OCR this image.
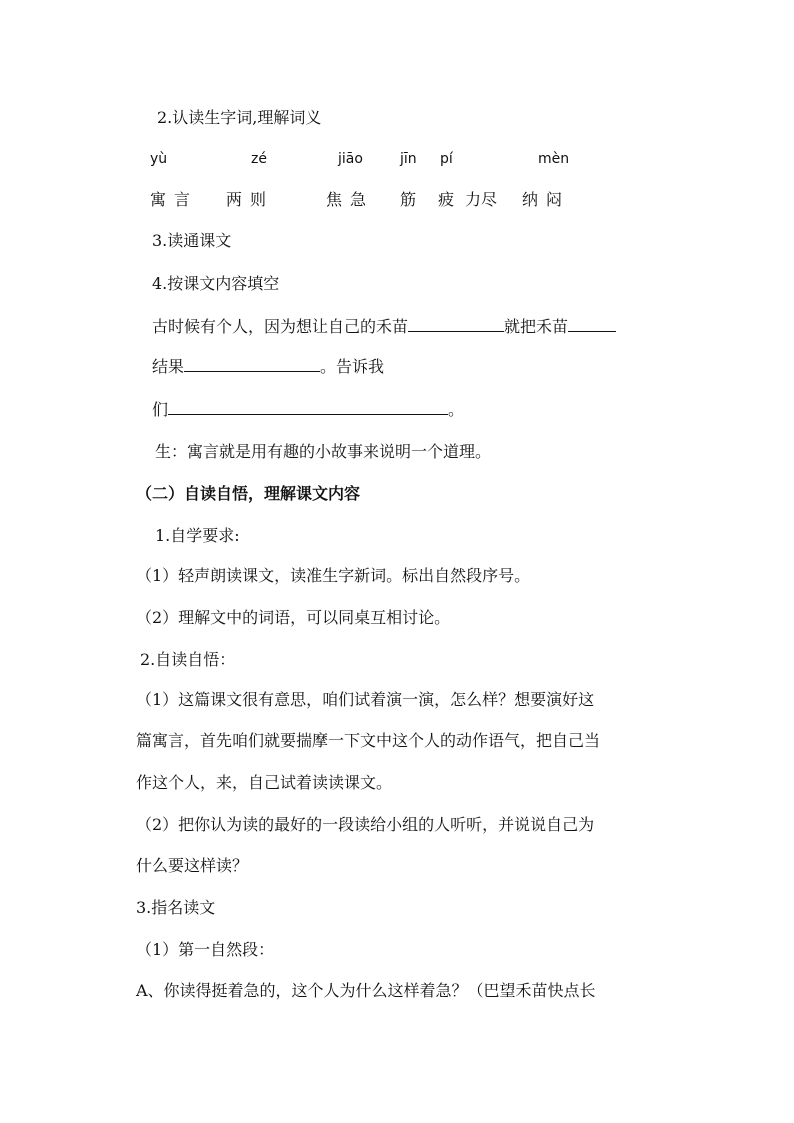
2.认读生字词,理解词义
yù	zé	jiāo	jīn pí	mèn
寓言 两则	焦急 筋 疲 力尽 纳闷
3.读通课文
4.按课文内容填空
古时候有个人，因为想让自己的禾苗	就把禾苗
结果	。告诉我
们	。
生：寓言就是用有趣的小故事来说明一个道理。
（二）自读自悟，理解课文内容
1.自学要求:
（1）轻声朗读课文，读准生字新词。标出自然段序号。
（2）理解文中的词语，可以同桌互相讨论。
2.自读自悟：
（1）这篇课文很有意思，咱们试着演一演，怎么样？想要演好这
篇寓言，首先咱们就要揣摩一下文中这个人的动作语气，把自己当
作这个人，来，自己试着读读课文。
（2）把你认为读的最好的一段读给小组的人听听，并说说自己为
什么要这样读？
3.指名读文
（1）第一自然段：
A、你读得挺着急的，这个人为什么这样着急？（巴望禾苗快点长
